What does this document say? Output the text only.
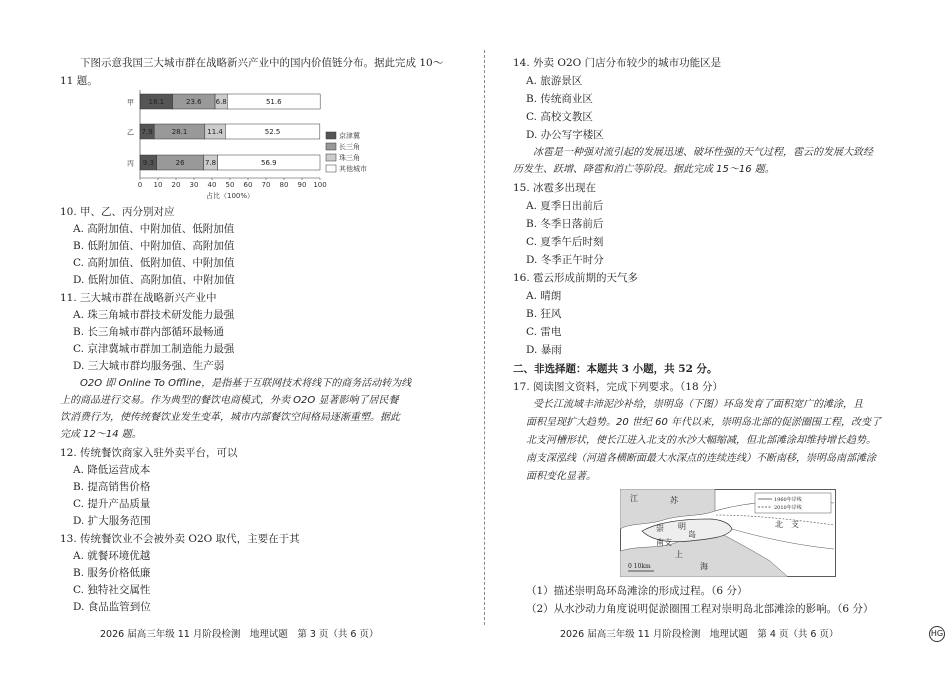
下图示意我国三大城市群在战略新兴产业中的国内价值链分布。据此完成 10～
11 题。
甲 18.1	23.6 6.8	51.6
乙 7.9	28.1	11.4	52.5
丙 9.3	26	7.8	56.9
0 10 20 30 40 50 60 70 80 90 100
占比（100%）
京津冀
长三角
珠三角
其他城市
10. 甲、乙、丙分别对应
A. 高附加值、中附加值、低附加值
B. 低附加值、中附加值、高附加值
C. 高附加值、低附加值、中附加值
D. 低附加值、高附加值、中附加值
11. 三大城市群在战略新兴产业中
A. 珠三角城市群技术研发能力最强
B. 长三角城市群内部循环最畅通
C. 京津冀城市群加工制造能力最强
D. 三大城市群均服务强、生产弱
O2O 即 Online To Offline，是指基于互联网技术将线下的商务活动转为线
上的商品进行交易。作为典型的餐饮电商模式，外卖 O2O 显著影响了居民餐
饮消费行为，使传统餐饮业发生变革，城市内部餐饮空间格局逐渐重塑。据此
完成 12～14 题。
12. 传统餐饮商家入驻外卖平台，可以
A. 降低运营成本
B. 提高销售价格
C. 提升产品质量
D. 扩大服务范围
13. 传统餐饮业不会被外卖 O2O 取代，主要在于其
A. 就餐环境优越
B. 服务价格低廉
C. 独特社交属性
D. 食品监管到位
2026 届高三年级 11 月阶段检测　地理试题　第 3 页（共 6 页）
14. 外卖 O2O 门店分布较少的城市功能区是
A. 旅游景区
B. 传统商业区
C. 高校文教区
D. 办公写字楼区
冰雹是一种强对流引起的发展迅速、破坏性强的天气过程，雹云的发展大致经
历发生、跃增、降雹和消亡等阶段。据此完成 15～16 题。
15. 冰雹多出现在
A. 夏季日出前后
B. 冬季日落前后
C. 夏季午后时刻
D. 冬季正午时分
16. 雹云形成前期的天气多
A. 晴朗
B. 狂风
C. 雷电
D. 暴雨
二、非选择题：本题共 3 小题，共 52 分。
17. 阅读图文资料，完成下列要求。（18 分）
受长江流域丰沛泥沙补给，崇明岛（下图）环岛发育了面积宽广的滩涂，且
面积呈现扩大趋势。20 世纪 60 年代以来，崇明岛北部的促淤圈围工程，改变了
北支河槽形状，使长江进入北支的水沙大幅缩减，但北部滩涂却维持增长趋势。
南支深泓线（河道各横断面最大水深点的连续连线）不断南移，崇明岛南部滩涂
面积变化显著。
（1）描述崇明岛环岛滩涂的形成过程。（6 分）
（2）从水沙动力角度说明促淤圈围工程对崇明岛北部滩涂的影响。（6 分）
2026 届高三年级 11 月阶段检测　地理试题　第 4 页（共 6 页）
江	苏
崇 明
岛
北　支
南支
上
海
0 10km
1960年岸线
2010年岸线
HG
